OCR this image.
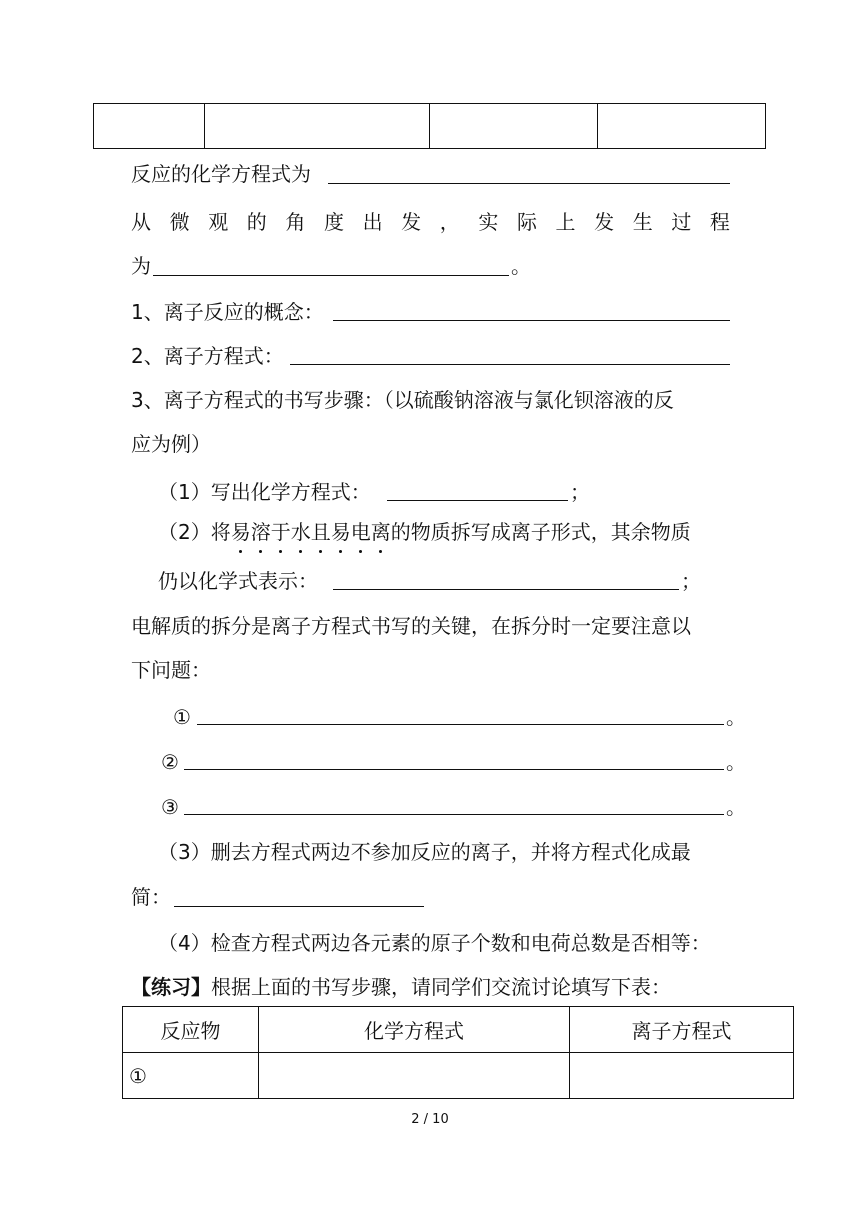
反应的化学方程式为
从 微 观 的 角 度 出 发 ， 实 际 上 发 生 过 程
为	。
1、离子反应的概念：
2、离子方程式：
3、离子方程式的书写步骤：（以硫酸钠溶液与氯化钡溶液的反
应为例）
（1）写出化学方程式：	；
（2）将易溶于水且易电离的物质拆写成离子形式，其余物质
仍以化学式表示：	；
电解质的拆分是离子方程式书写的关键，在拆分时一定要注意以
下问题：
①	。
②	。
③	。
（3）删去方程式两边不参加反应的离子，并将方程式化成最
简：
（4）检查方程式两边各元素的原子个数和电荷总数是否相等：
【练习】根据上面的书写步骤，请同学们交流讨论填写下表：
反应物	化学方程式	离子方程式
①		
2 / 10
